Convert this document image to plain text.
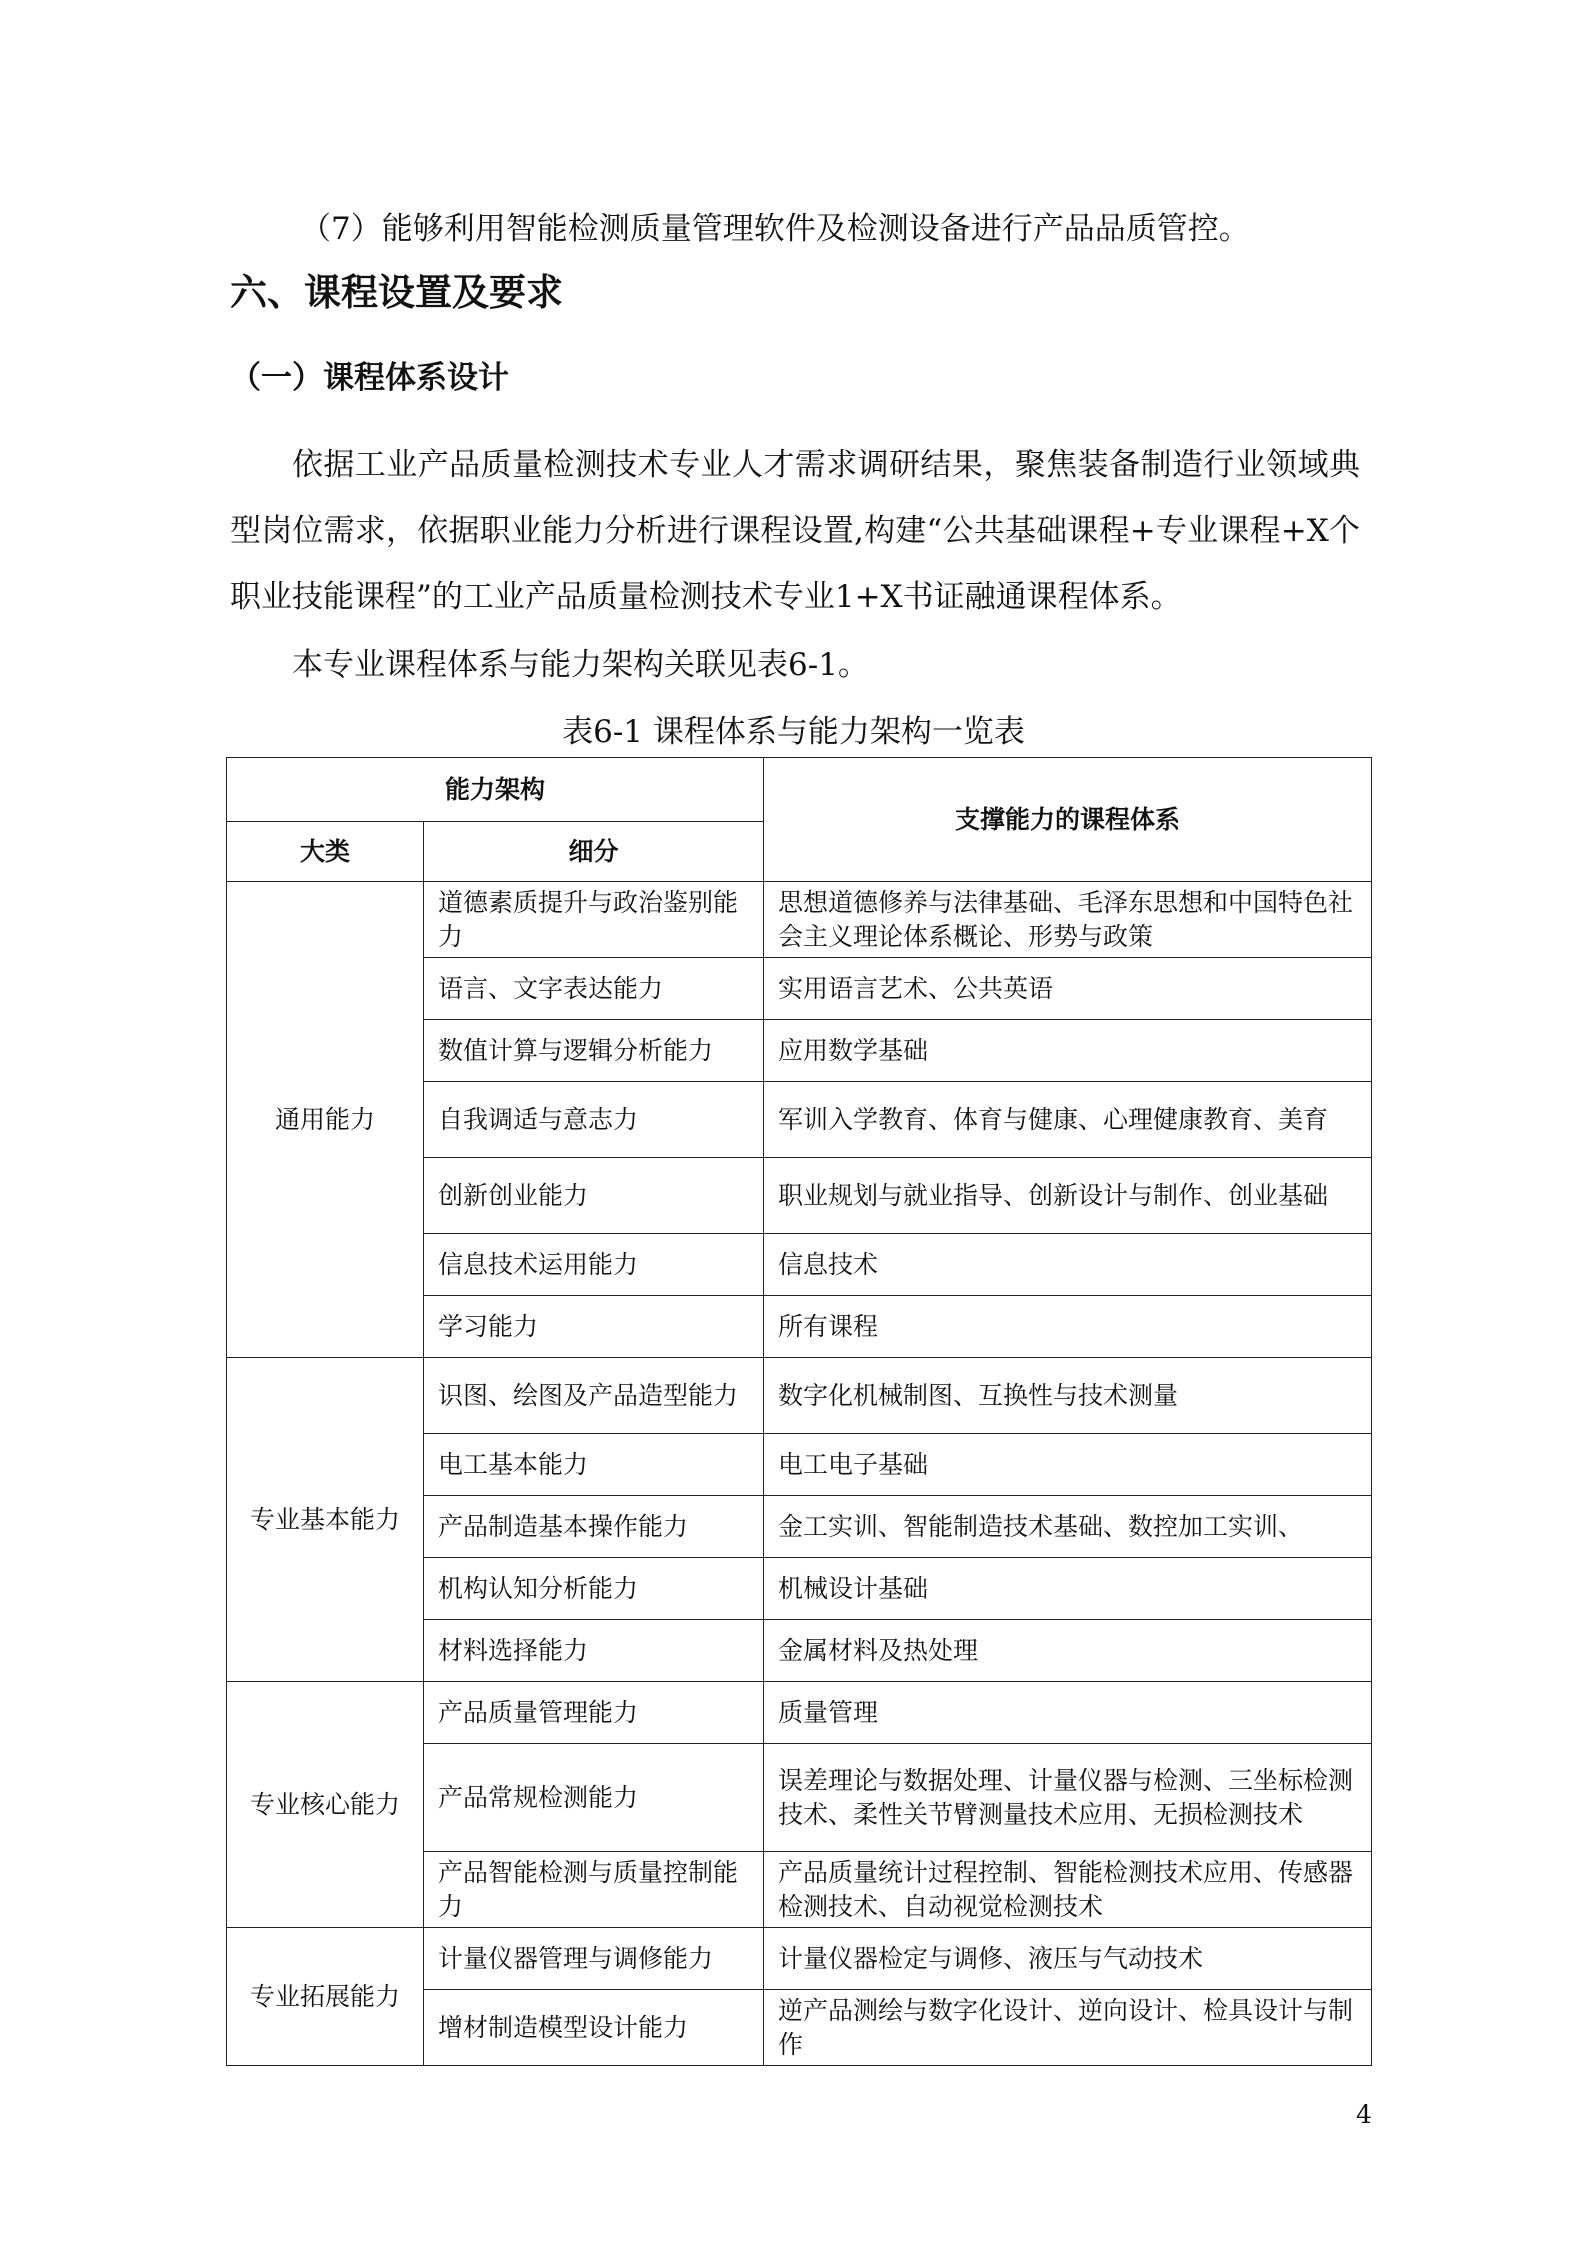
（7）能够利用智能检测质量管理软件及检测设备进行产品品质管控。
六、课程设置及要求
（一）课程体系设计
依据工业产品质量检测技术专业人才需求调研结果，聚焦装备制造行业领域典型岗位需求，依据职业能力分析进行课程设置,构建“公共基础课程+专业课程+X个职业技能课程”的工业产品质量检测技术专业1+X书证融通课程体系。
本专业课程体系与能力架构关联见表6-1。
表6-1 课程体系与能力架构一览表
能力架构		支撑能力的课程体系
大类	细分	
通用能力	道德素质提升与政治鉴别能力	思想道德修养与法律基础、毛泽东思想和中国特色社会主义理论体系概论、形势与政策
	语言、文字表达能力	实用语言艺术、公共英语
	数值计算与逻辑分析能力	应用数学基础
	自我调适与意志力	军训入学教育、体育与健康、心理健康教育、美育
	创新创业能力	职业规划与就业指导、创新设计与制作、创业基础
	信息技术运用能力	信息技术
	学习能力	所有课程
专业基本能力	识图、绘图及产品造型能力	数字化机械制图、互换性与技术测量
	电工基本能力	电工电子基础
	产品制造基本操作能力	金工实训、智能制造技术基础、数控加工实训、
	机构认知分析能力	机械设计基础
	材料选择能力	金属材料及热处理
专业核心能力	产品质量管理能力	质量管理
	产品常规检测能力	误差理论与数据处理、计量仪器与检测、三坐标检测技术、柔性关节臂测量技术应用、无损检测技术
	产品智能检测与质量控制能力	产品质量统计过程控制、智能检测技术应用、传感器检测技术、自动视觉检测技术
专业拓展能力	计量仪器管理与调修能力	计量仪器检定与调修、液压与气动技术
	增材制造模型设计能力	逆产品测绘与数字化设计、逆向设计、检具设计与制作
4
